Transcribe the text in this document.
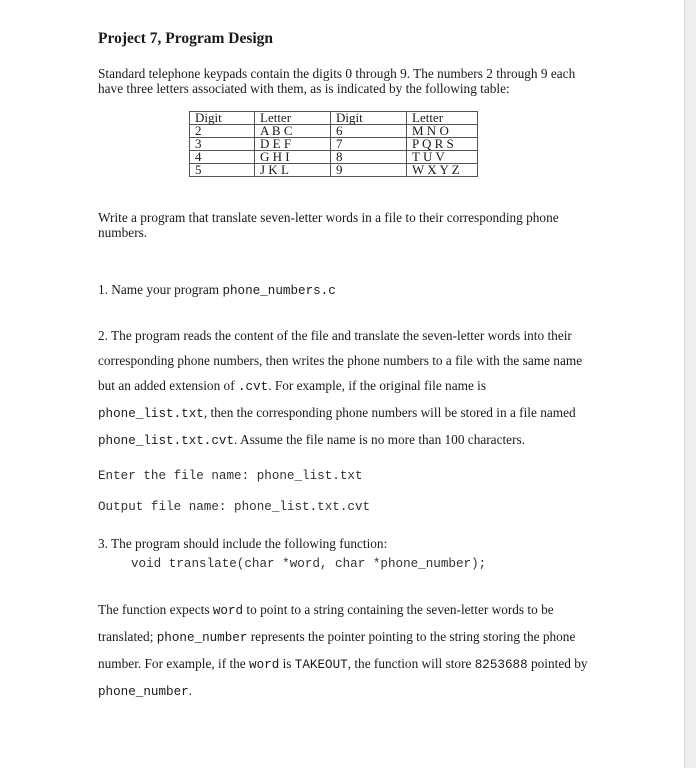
Project 7, Program Design
Standard telephone keypads contain the digits 0 through 9. The numbers 2 through 9 each have three letters associated with them, as is indicated by the following table:
Digit	Letter	Digit	Letter
2	A B C	6	M N O
3	D E F	7	P Q R S
4	G H I	8	T U V
5	J K L	9	W X Y Z
Write a program that translate seven-letter words in a file to their corresponding phone numbers.
1. Name your program phone_numbers.c
2. The program reads the content of the file and translate the seven-letter words into their corresponding phone numbers, then writes the phone numbers to a file with the same name but an added extension of .cvt. For example, if the original file name is phone_list.txt, then the corresponding phone numbers will be stored in a file named phone_list.txt.cvt. Assume the file name is no more than 100 characters.
Enter the file name: phone_list.txt
Output file name: phone_list.txt.cvt
3. The program should include the following function:
void translate(char *word, char *phone_number);
The function expects word to point to a string containing the seven-letter words to be translated; phone_number represents the pointer pointing to the string storing the phone number. For example, if the word is TAKEOUT, the function will store 8253688 pointed by phone_number.
